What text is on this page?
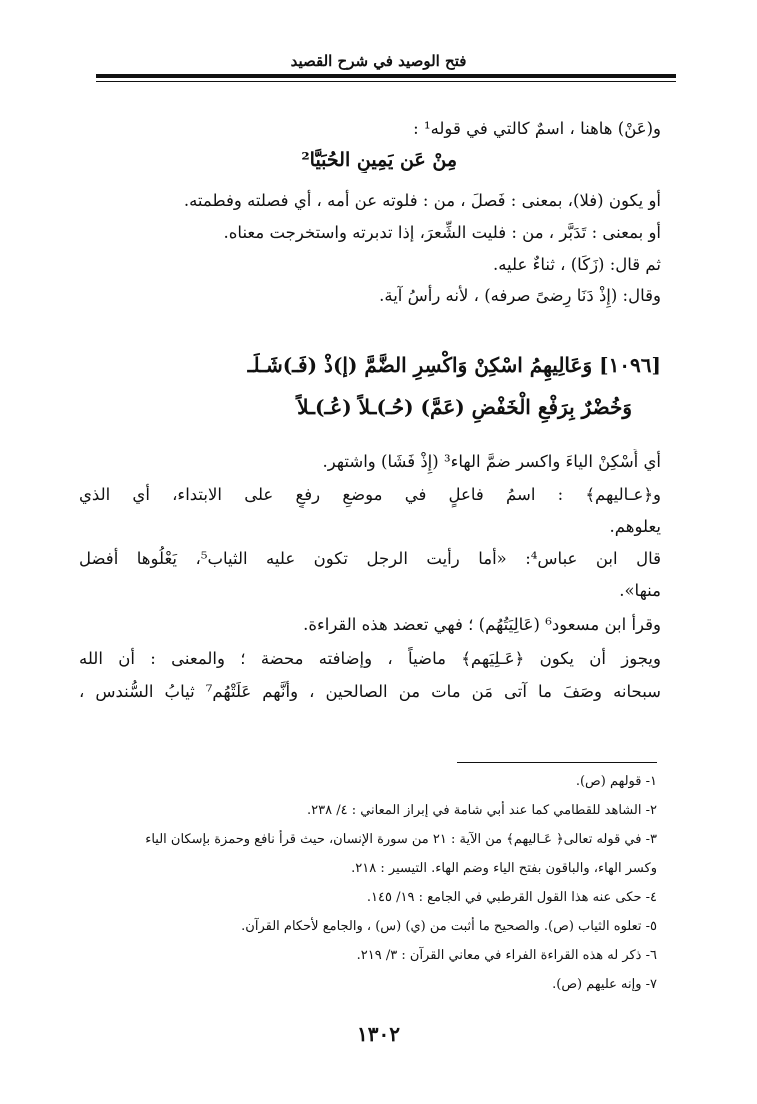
فتح الوصيد في شرح القصيد
و(عَنْ) هاهنا ، اسمٌ كالتي في قوله¹ :
مِنْ عَن يَمِينِ الحُبَيَّا²
أو يكون (فلا)، بمعنى : فَصلَ ، من : فلوته عن أمه ، أي فصلته وفطمته.
أو بمعنى : تَدَبَّر ، من : فليت الشِّعرَ، إذا تدبرته واستخرجت معناه.
ثم قال: (زَكَا) ، ثناءٌ عليه.
وقال: (إِذْ دَنَا رِضىً صرفه) ، لأنه رأسُ آية.
[١٠٩٦] وَعَالِيهِمُ اسْكِنْ وَاكْسِرِ الضَّمَّ (إ)ذْ (فَـ)شَـلَـ
وَخُضْرٌ بِرَفْعِ الْخَفْضِ (عَمَّ) (حُـ)ـلاً (عُـ)ـلاً
أي أَسْكِنْ الياءَ واكسر ضمَّ الهاء³ (إِذْ فَشَا) واشتهر.
و﴿عـاليهم﴾ : اسمُ فاعلٍ في موضعِ رفعٍ على الابتداء، أي الذي
يعلوهم.
قال ابن عباس⁴: «أما رأيت الرجل تكون عليه الثياب⁵، يَعْلُوها أفضل
منها».
وقرأ ابن مسعود⁶ (عَالِيَتُهُم) ؛ فهي تعضد هذه القراءة.
ويجوز أن يكون ﴿عَـلِيَهم﴾ ماضياً ، وإضافته محضة ؛ والمعنى : أن الله
سبحانه وصَفَ ما آتى مَن مات من الصالحين ، وأنَّهم عَلَتْهُم⁷ ثيابُ السُّندس ،
١- قولهم (ص).
٢- الشاهد للقطامي كما عند أبي شامة في إبراز المعاني : ٤/ ٢٣٨.
٣- في قوله تعالى﴿ عَـاليهم﴾ من الآية : ٢١ من سورة الإنسان، حيث قرأ نافع وحمزة بإسكان الياء
وكسر الهاء، والباقون بفتح الياء وضم الهاء. التيسير : ٢١٨.
٤- حكى عنه هذا القول القرطبي في الجامع : ١٩/ ١٤٥.
٥- تعلوه الثياب (ص). والصحيح ما أُثبت من (ي) (س) ، والجامع لأحكام القرآن.
٦- ذكر له هذه القراءة الفراء في معاني القرآن : ٣/ ٢١٩.
٧- وإنه عليهم (ص).
١٣٠٢
